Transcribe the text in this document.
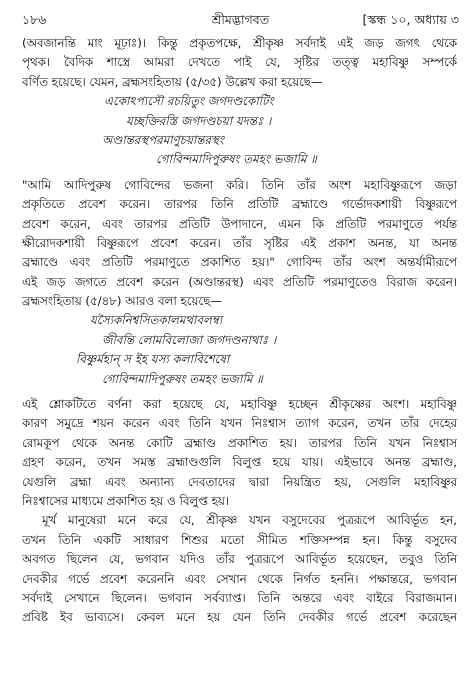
১৮৬	শ্রীমদ্ভাগবত	[স্কন্ধ ১০, অধ্যায় ৩
(অবজানন্তি মাং মূঢ়াঃ)। কিন্তু প্রকৃতপক্ষে, শ্রীকৃষ্ণ সর্বদাই এই জড় জগৎ থেকে
পৃথক। বৈদিক শাস্ত্রে আমরা দেখতে পাই যে, সৃষ্টির তত্ত্ব মহাবিষ্ণু সম্পর্কে
বর্ণিত হয়েছে। যেমন, ব্রহ্মসংহিতায় (৫/৩৫) উল্লেখ করা হয়েছে—
একোঽপ্যসৌ রচয়িতুং জগদণ্ডকোটিং
যচ্ছক্তিরস্তি জগদণ্ডচয়া যদন্তঃ ।
অণ্ডান্তরস্থপরমাণুচয়ান্তরস্থং
গোবিন্দমাদিপুরুষং তমহং ভজামি ॥
"আমি আদিপুরুষ গোবিন্দের ভজনা করি। তিনি তাঁর অংশ মহাবিষ্ণুরূপে জড়া
প্রকৃতিতে প্রবেশ করেন। তারপর তিনি প্রতিটি ব্রহ্মাণ্ডে গর্ভোদকশায়ী বিষ্ণুরূপে
প্রবেশ করেন, এবং তারপর প্রতিটি উপাদানে, এমন কি প্রতিটি পরমাণুতে পর্যন্ত
ক্ষীরোদকশায়ী বিষ্ণুরূপে প্রবেশ করেন। তাঁর সৃষ্টির এই প্রকাশ অনন্ত, যা অনন্ত
ব্রহ্মাণ্ডে এবং প্রতিটি পরমাণুতে প্রকাশিত হয়।" গোবিন্দ তাঁর অংশ অন্তর্যামীরূপে
এই জড় জগতে প্রবেশ করেন (অণ্ডান্তরস্থ) এবং প্রতিটি পরমাণুতেও বিরাজ করেন।
ব্রহ্মসংহিতায় (৫/৪৮) আরও বলা হয়েছে—
যস্যৈকনিশ্বসিতকালমথাবলম্ব্য
জীবন্তি লোমবিলোজা জগদণ্ডনাথাঃ ।
বিষ্ণুর্মহান্ স ইহ যস্য কলাবিশেষো
গোবিন্দমাদিপুরুষং তমহং ভজামি ॥
এই শ্লোকটিতে বর্ণনা করা হয়েছে যে, মহাবিষ্ণু হচ্ছেন শ্রীকৃষ্ণের অংশ। মহাবিষ্ণু
কারণ সমুদ্রে শয়ন করেন এবং তিনি যখন নিঃশ্বাস ত্যাগ করেন, তখন তাঁর দেহের
রোমকূপ থেকে অনন্ত কোটি ব্রহ্মাণ্ড প্রকাশিত হয়। তারপর তিনি যখন নিঃশ্বাস
গ্রহণ করেন, তখন সমস্ত ব্রহ্মাণ্ডগুলি বিলুপ্ত হয়ে যায়। এইভাবে অনন্ত ব্রহ্মাণ্ড,
যেগুলি ব্রহ্মা এবং অন্যান্য দেবতাদের দ্বারা নিয়ন্ত্রিত হয়, সেগুলি মহাবিষ্ণুর
নিঃশ্বাসের মাধ্যমে প্রকাশিত হয় ও বিলুপ্ত হয়।
মূর্খ মানুষেরা মনে করে যে, শ্রীকৃষ্ণ যখন বসুদেবের পুত্ররূপে আবির্ভূত হন,
তখন তিনি একটি সাধারণ শিশুর মতো সীমিত শক্তিসম্পন্ন হন। কিন্তু বসুদেব
অবগত ছিলেন যে, ভগবান যদিও তাঁর পুত্ররূপে আবির্ভূত হয়েছেন, তবুও তিনি
দেবকীর গর্ভে প্রবেশ করেননি এবং সেখান থেকে নির্গত হননি। পক্ষান্তরে, ভগবান
সর্বদাই সেখানে ছিলেন। ভগবান সর্বব্যাপ্ত। তিনি অন্তরে এবং বাইরে বিরাজমান।
প্রবিষ্ট ইব ভাব্যসে। কেবল মনে হয় যেন তিনি দেবকীর গর্ভে প্রবেশ করেছেন
